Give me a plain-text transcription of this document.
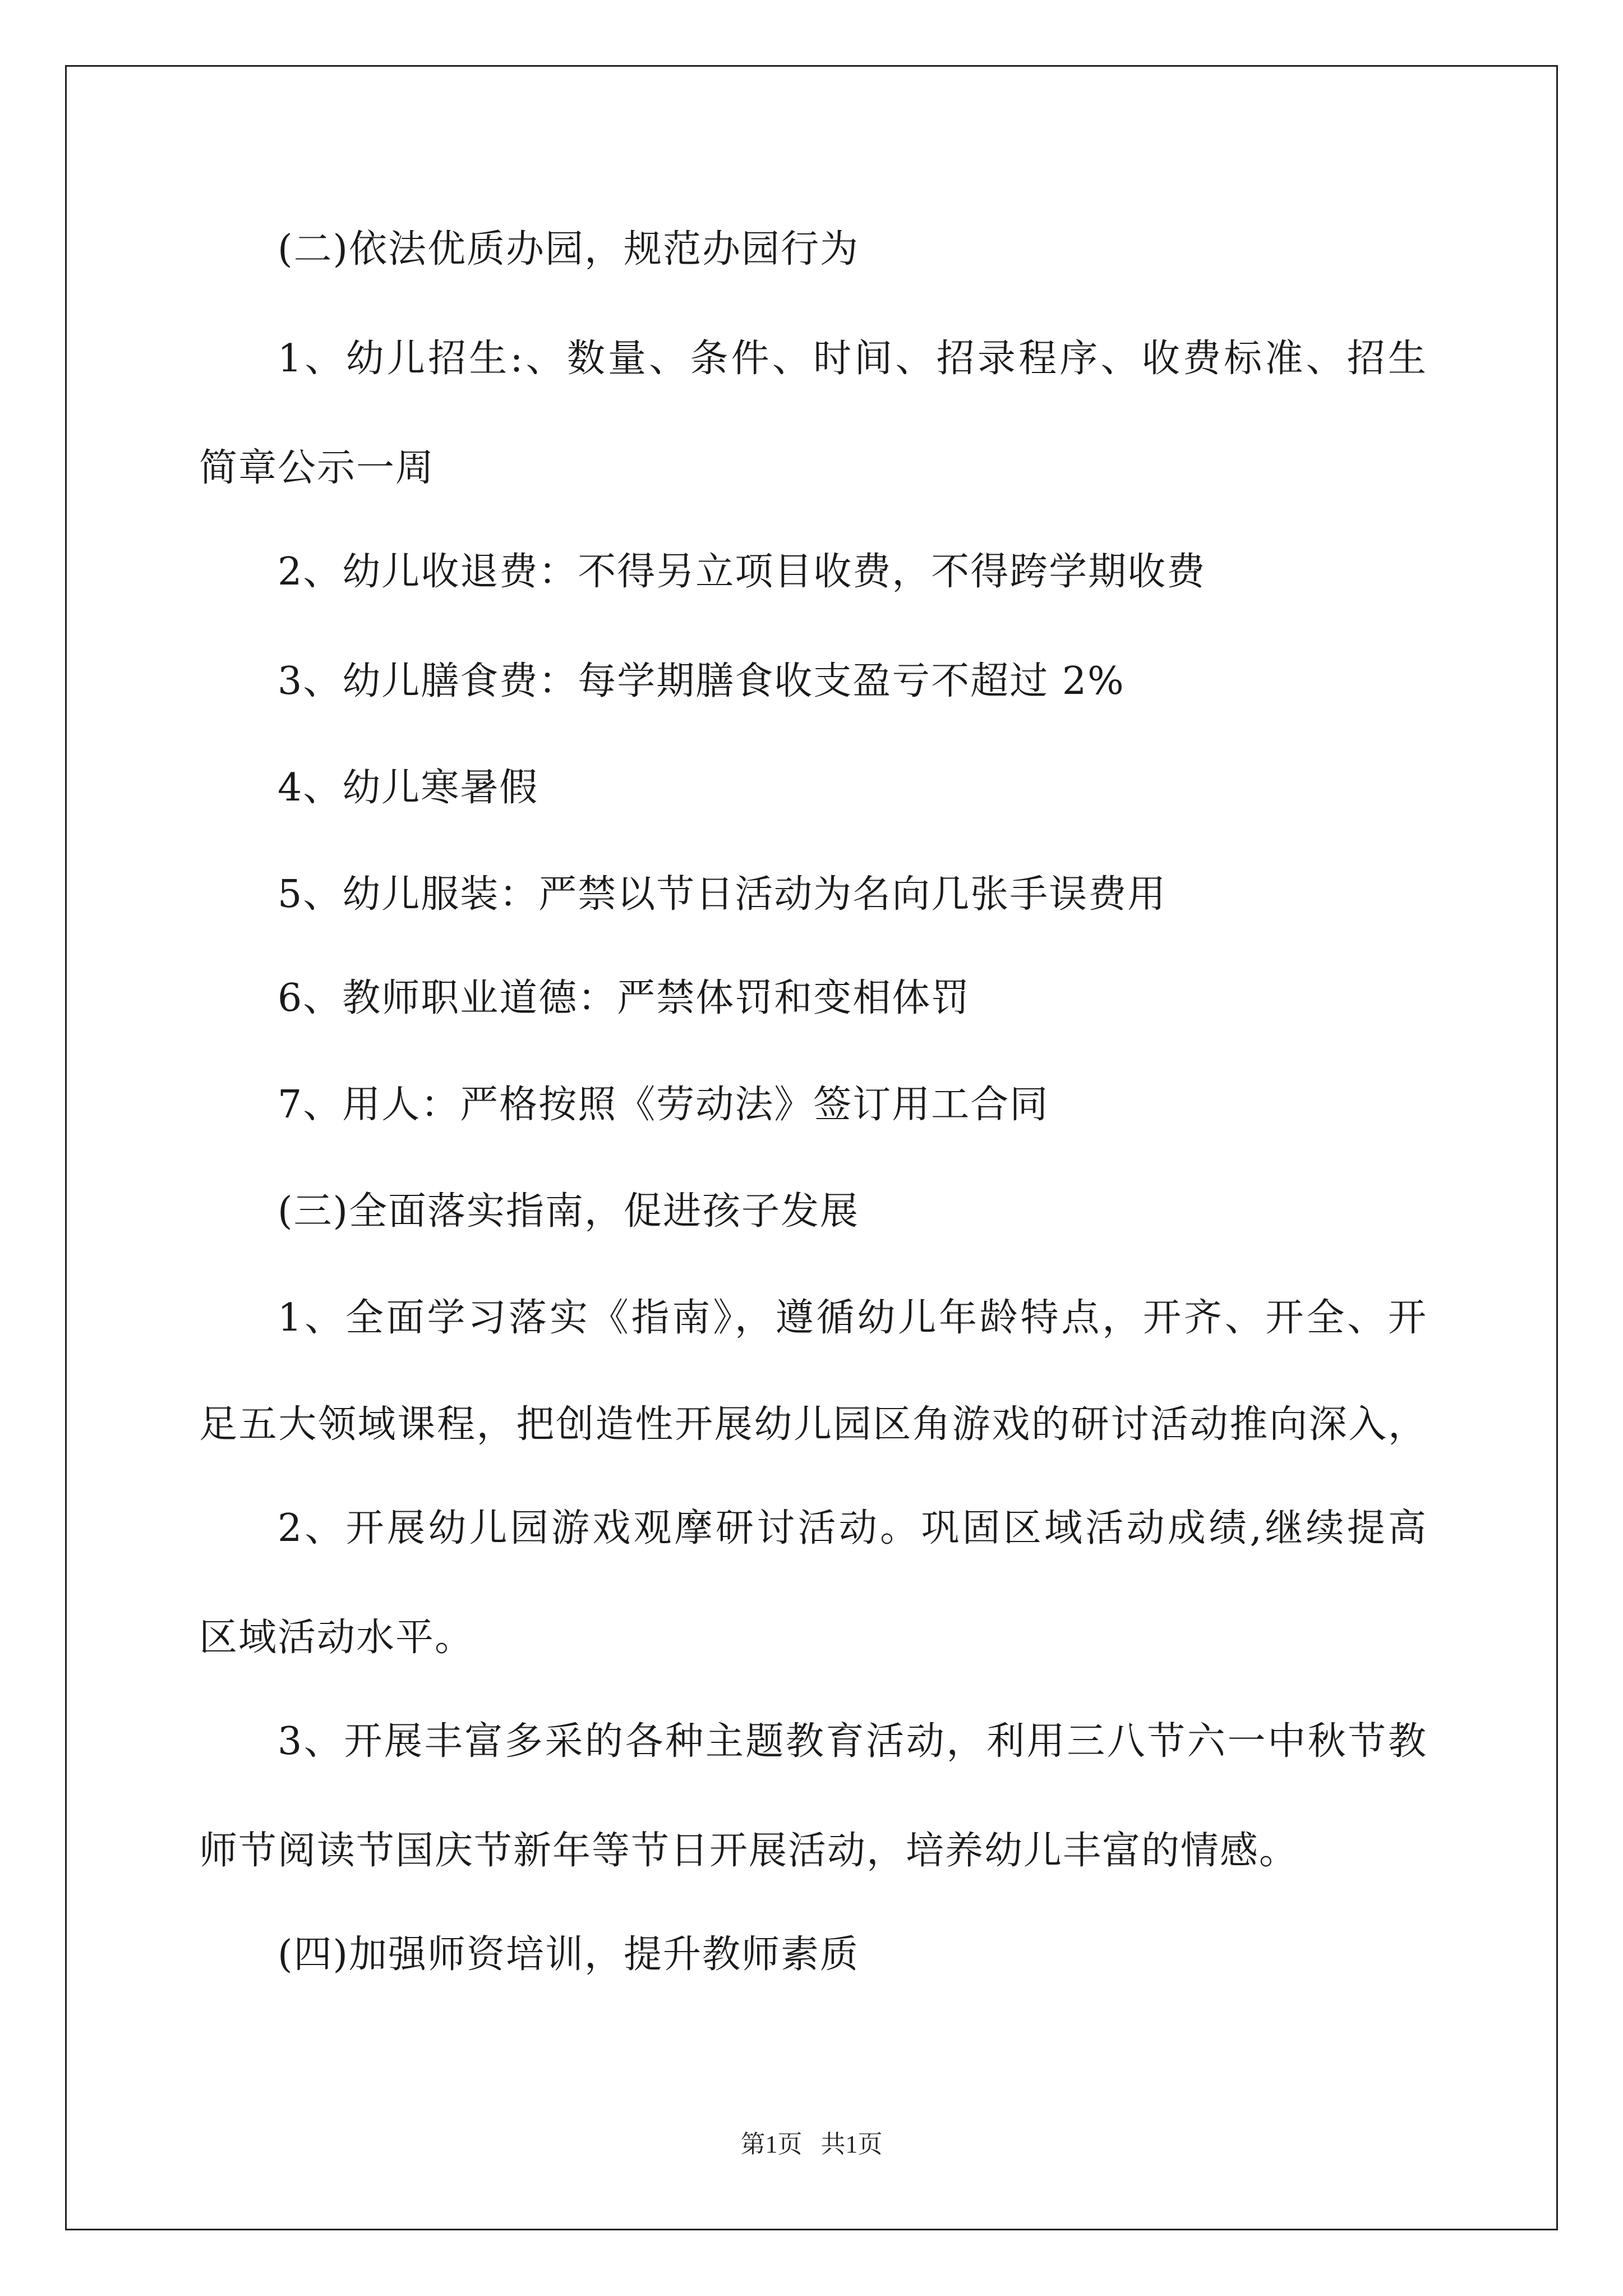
(二)依法优质办园，规范办园行为
1、幼儿招生:、数量、条件、时间、招录程序、收费标准、招生
简章公示一周
2、幼儿收退费：不得另立项目收费，不得跨学期收费
3、幼儿膳食费：每学期膳食收支盈亏不超过 2%
4、幼儿寒暑假
5、幼儿服装：严禁以节日活动为名向几张手误费用
6、教师职业道德：严禁体罚和变相体罚
7、用人：严格按照《劳动法》签订用工合同
(三)全面落实指南，促进孩子发展
1、全面学习落实《指南》，遵循幼儿年龄特点，开齐、开全、开
足五大领域课程，把创造性开展幼儿园区角游戏的研讨活动推向深入，
2、开展幼儿园游戏观摩研讨活动。巩固区域活动成绩,继续提高
区域活动水平。
3、开展丰富多采的各种主题教育活动，利用三八节六一中秋节教
师节阅读节国庆节新年等节日开展活动，培养幼儿丰富的情感。
(四)加强师资培训，提升教师素质
第1页   共1页
